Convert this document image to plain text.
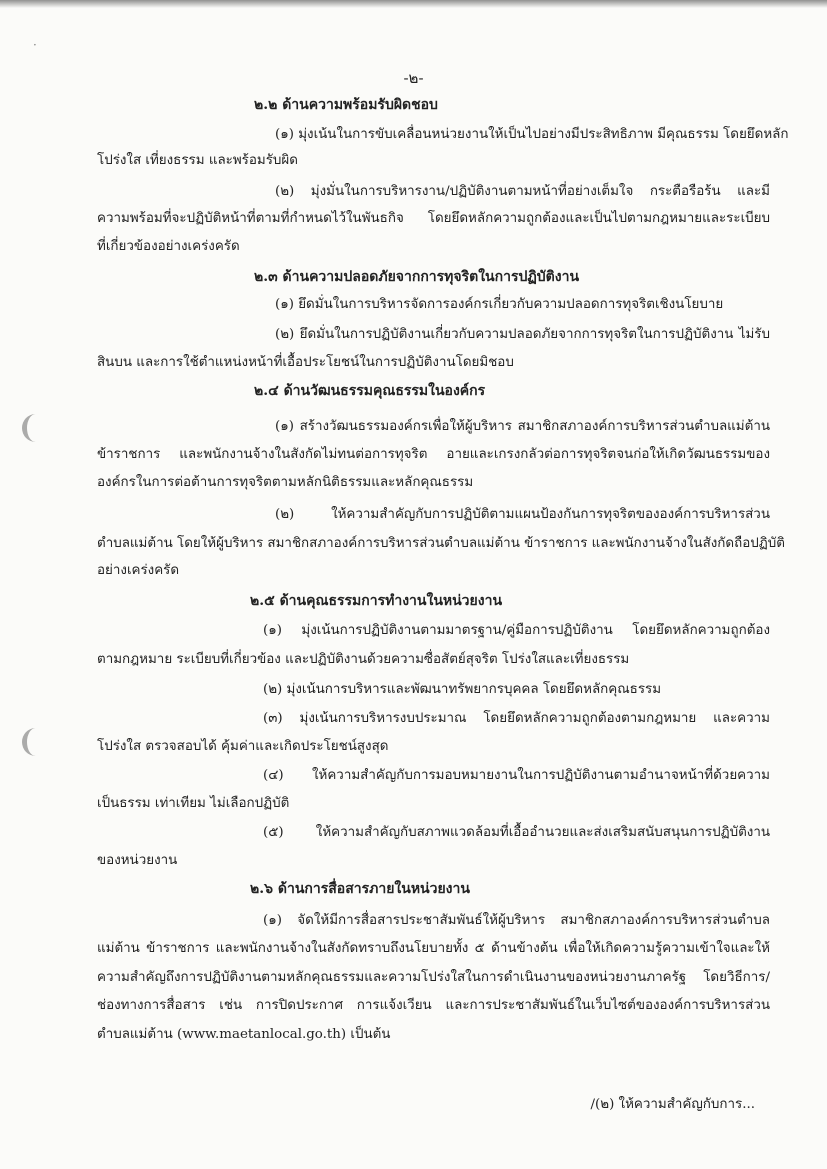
·
-๒-
๒.๒ ด้านความพร้อมรับผิดชอบ
(๑) มุ่งเน้นในการขับเคลื่อนหน่วยงานให้เป็นไปอย่างมีประสิทธิภาพ มีคุณธรรม โดยยึดหลัก
โปร่งใส เที่ยงธรรม และพร้อมรับผิด
(๒) มุ่งมั่นในการบริหารงาน/ปฏิบัติงานตามหน้าที่อย่างเต็มใจ กระตือรือร้น และมี
ความพร้อมที่จะปฏิบัติหน้าที่ตามที่กำหนดไว้ในพันธกิจ โดยยึดหลักความถูกต้องและเป็นไปตามกฎหมายและระเบียบ
ที่เกี่ยวข้องอย่างเคร่งครัด
๒.๓ ด้านความปลอดภัยจากการทุจริตในการปฏิบัติงาน
(๑) ยึดมั่นในการบริหารจัดการองค์กรเกี่ยวกับความปลอดการทุจริตเชิงนโยบาย
(๒) ยึดมั่นในการปฏิบัติงานเกี่ยวกับความปลอดภัยจากการทุจริตในการปฏิบัติงาน ไม่รับ
สินบน และการใช้ตำแหน่งหน้าที่เอื้อประโยชน์ในการปฏิบัติงานโดยมิชอบ
๒.๔ ด้านวัฒนธรรมคุณธรรมในองค์กร
(๑) สร้างวัฒนธรรมองค์กรเพื่อให้ผู้บริหาร สมาชิกสภาองค์การบริหารส่วนตำบลแม่ต้าน
ข้าราชการ และพนักงานจ้างในสังกัดไม่ทนต่อการทุจริต อายและเกรงกลัวต่อการทุจริตจนก่อให้เกิดวัฒนธรรมของ
องค์กรในการต่อต้านการทุจริตตามหลักนิติธรรมและหลักคุณธรรม
(๒) ให้ความสำคัญกับการปฏิบัติตามแผนป้องกันการทุจริตขององค์การบริหารส่วน
ตำบลแม่ต้าน โดยให้ผู้บริหาร สมาชิกสภาองค์การบริหารส่วนตำบลแม่ต้าน ข้าราชการ และพนักงานจ้างในสังกัดถือปฏิบัติ
อย่างเคร่งครัด
๒.๕ ด้านคุณธรรมการทำงานในหน่วยงาน
(๑) มุ่งเน้นการปฏิบัติงานตามมาตรฐาน/คู่มือการปฏิบัติงาน โดยยึดหลักความถูกต้อง
ตามกฎหมาย ระเบียบที่เกี่ยวข้อง และปฏิบัติงานด้วยความซื่อสัตย์สุจริต โปร่งใสและเที่ยงธรรม
(๒) มุ่งเน้นการบริหารและพัฒนาทรัพยากรบุคคล โดยยึดหลักคุณธรรม
(๓) มุ่งเน้นการบริหารงบประมาณ โดยยึดหลักความถูกต้องตามกฎหมาย และความ
โปร่งใส ตรวจสอบได้ คุ้มค่าและเกิดประโยชน์สูงสุด
(๔) ให้ความสำคัญกับการมอบหมายงานในการปฏิบัติงานตามอำนาจหน้าที่ด้วยความ
เป็นธรรม เท่าเทียม ไม่เลือกปฏิบัติ
(๕) ให้ความสำคัญกับสภาพแวดล้อมที่เอื้ออำนวยและส่งเสริมสนับสนุนการปฏิบัติงาน
ของหน่วยงาน
๒.๖ ด้านการสื่อสารภายในหน่วยงาน
(๑) จัดให้มีการสื่อสารประชาสัมพันธ์ให้ผู้บริหาร สมาชิกสภาองค์การบริหารส่วนตำบล
แม่ต้าน ข้าราชการ และพนักงานจ้างในสังกัดทราบถึงนโยบายทั้ง ๕ ด้านข้างต้น เพื่อให้เกิดความรู้ความเข้าใจและให้
ความสำคัญถึงการปฏิบัติงานตามหลักคุณธรรมและความโปร่งใสในการดำเนินงานของหน่วยงานภาครัฐ โดยวิธีการ/
ช่องทางการสื่อสาร เช่น การปิดประกาศ การแจ้งเวียน และการประชาสัมพันธ์ในเว็บไซต์ขององค์การบริหารส่วน
ตำบลแม่ต้าน (www.maetanlocal.go.th) เป็นต้น
/(๒) ให้ความสำคัญกับการ...
